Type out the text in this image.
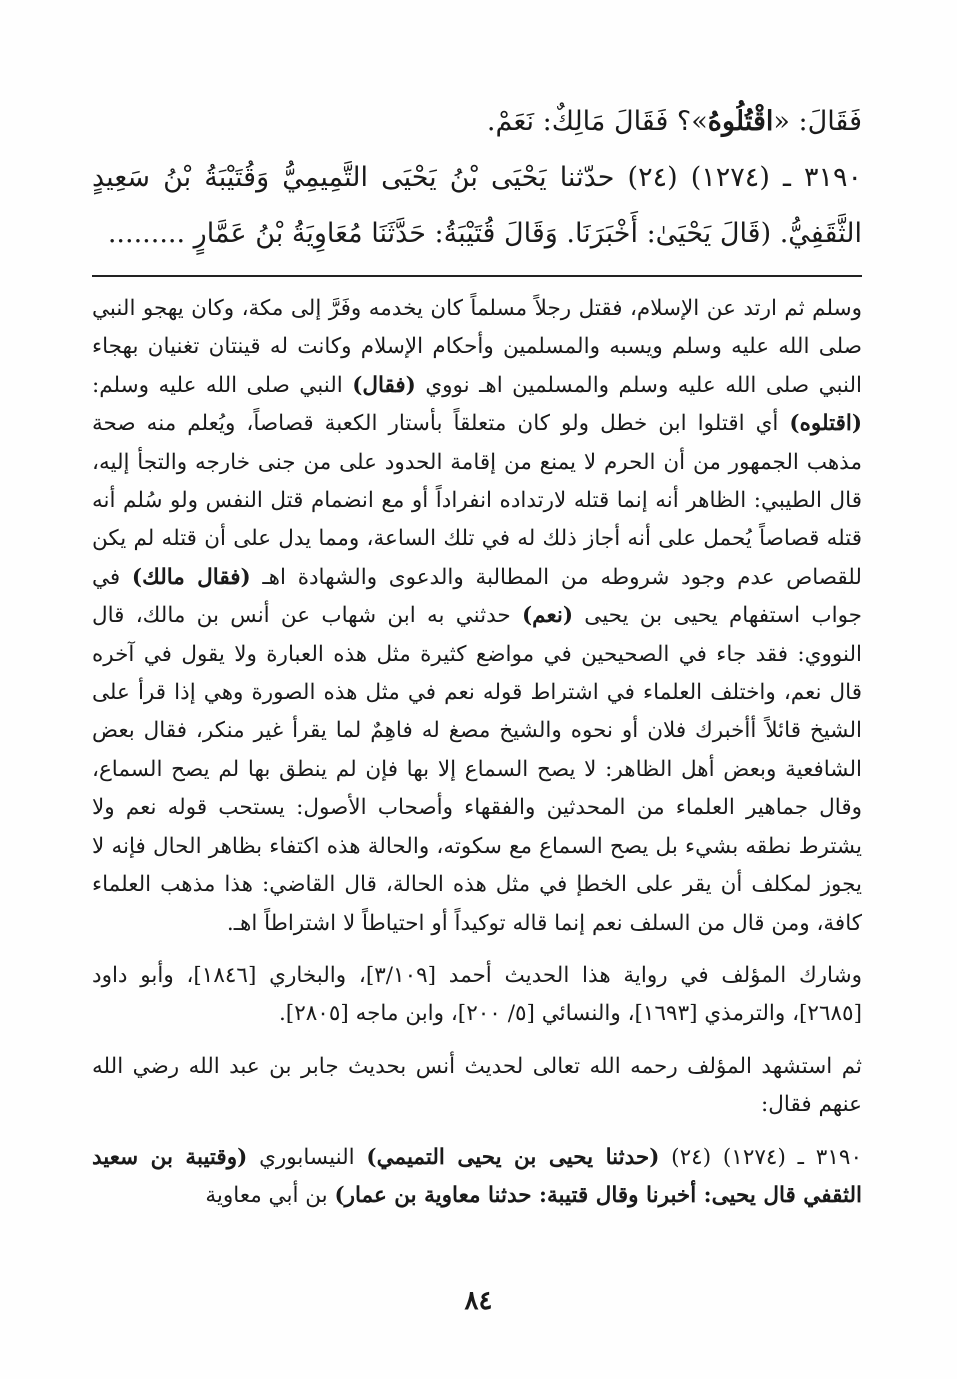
فَقَالَ: «اقْتُلُوهُ»؟ فَقَالَ مَالِكٌ: نَعَمْ.

٣١٩٠ ـ (١٢٧٤) (٢٤) حدّثنا يَحْيَى بْنُ يَحْيَى التَّمِيمِيُّ وَقُتَيْبَةُ بْنُ سَعِيدٍ الثَّقَفِيُّ. (قَالَ يَحْيَىٰ: أَخْبَرَنَا. وَقَالَ قُتَيْبَةُ: حَدَّثَنَا مُعَاوِيَةُ بْنُ عَمَّارٍ .........

وسلم ثم ارتد عن الإسلام، فقتل رجلاً مسلماً كان يخدمه وفَرَّ إلى مكة، وكان يهجو النبي صلى الله عليه وسلم ويسبه والمسلمين وأحكام الإسلام وكانت له قينتان تغنيان بهجاء النبي صلى الله عليه وسلم والمسلمين اهـ نووي (فقال) النبي صلى الله عليه وسلم: (اقتلوه) أي اقتلوا ابن خطل ولو كان متعلقاً بأستار الكعبة قصاصاً، ويُعلم منه صحة مذهب الجمهور من أن الحرم لا يمنع من إقامة الحدود على من جنى خارجه والتجأ إليه، قال الطيبي: الظاهر أنه إنما قتله لارتداده انفراداً أو مع انضمام قتل النفس ولو سُلم أنه قتله قصاصاً يُحمل على أنه أجاز ذلك له في تلك الساعة، ومما يدل على أن قتله لم يكن للقصاص عدم وجود شروطه من المطالبة والدعوى والشهادة اهـ (فقال مالك) في جواب استفهام يحيى بن يحيى (نعم) حدثني به ابن شهاب عن أنس بن مالك، قال النووي: فقد جاء في الصحيحين في مواضع كثيرة مثل هذه العبارة ولا يقول في آخره قال نعم، واختلف العلماء في اشتراط قوله نعم في مثل هذه الصورة وهي إذا قرأ على الشيخ قائلاً أأخبرك فلان أو نحوه والشيخ مصغ له فاهِمٌ لما يقرأ غير منكر، فقال بعض الشافعية وبعض أهل الظاهر: لا يصح السماع إلا بها فإن لم ينطق بها لم يصح السماع، وقال جماهير العلماء من المحدثين والفقهاء وأصحاب الأصول: يستحب قوله نعم ولا يشترط نطقه بشيء بل يصح السماع مع سكوته، والحالة هذه اكتفاء بظاهر الحال فإنه لا يجوز لمكلف أن يقر على الخطإ في مثل هذه الحالة، قال القاضي: هذا مذهب العلماء كافة، ومن قال من السلف نعم إنما قاله توكيداً أو احتياطاً لا اشتراطاً اهـ.

وشارك المؤلف في رواية هذا الحديث أحمد [٣/١٠٩]، والبخاري [١٨٤٦]، وأبو داود [٢٦٨٥]، والترمذي [١٦٩٣]، والنسائي [٥/ ٢٠٠]، وابن ماجه [٢٨٠٥].

ثم استشهد المؤلف رحمه الله تعالى لحديث أنس بحديث جابر بن عبد الله رضي الله عنهم فقال:

٣١٩٠ ـ (١٢٧٤) (٢٤) (حدثنا يحيى بن يحيى التميمي) النيسابوري (وقتيبة بن سعيد الثقفي قال يحيى: أخبرنا وقال قتيبة: حدثنا معاوية بن عمار) بن أبي معاوية

٨٤
